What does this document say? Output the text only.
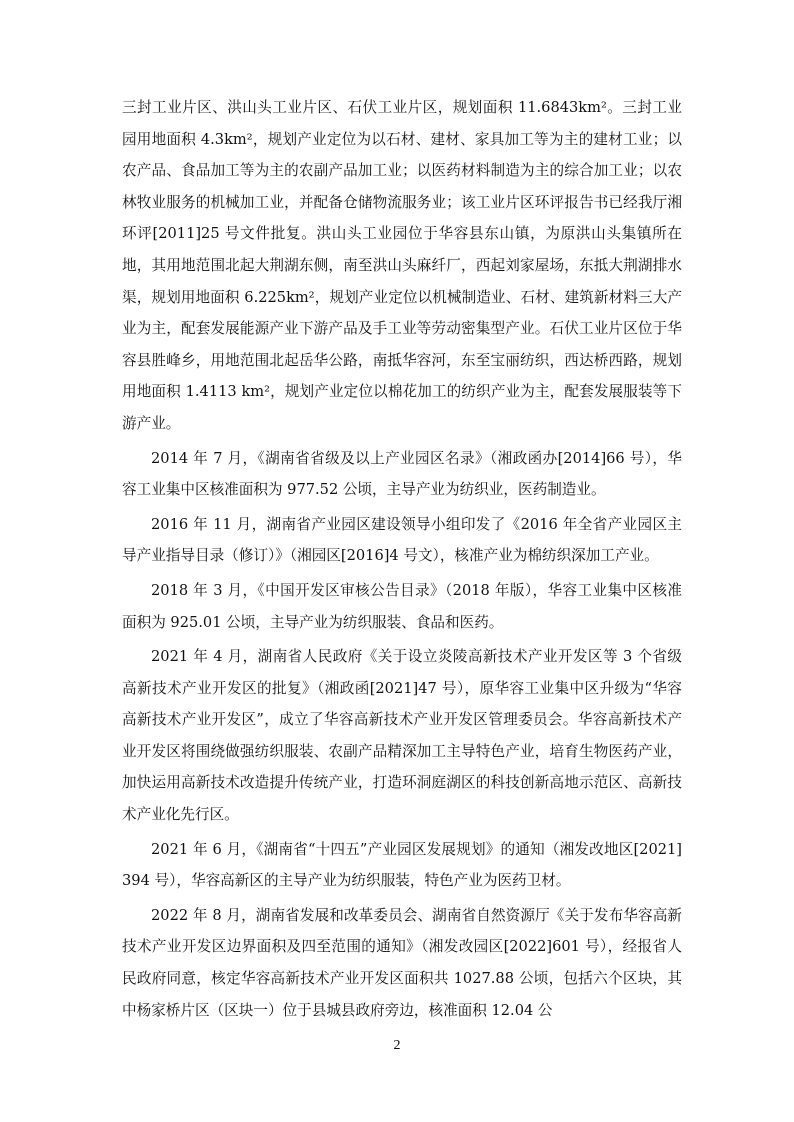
三封工业片区、洪山头工业片区、石伏工业片区，规划面积 11.6843km²。三封工业园用地面积 4.3km²，规划产业定位为以石材、建材、家具加工等为主的建材工业；以农产品、食品加工等为主的农副产品加工业；以医药材料制造为主的综合加工业；以农林牧业服务的机械加工业，并配备仓储物流服务业；该工业片区环评报告书已经我厅湘环评[2011]25 号文件批复。洪山头工业园位于华容县东山镇，为原洪山头集镇所在地，其用地范围北起大荆湖东侧，南至洪山头麻纤厂，西起刘家屋场，东抵大荆湖排水渠，规划用地面积 6.225km²，规划产业定位以机械制造业、石材、建筑新材料三大产业为主，配套发展能源产业下游产品及手工业等劳动密集型产业。石伏工业片区位于华容县胜峰乡，用地范围北起岳华公路，南抵华容河，东至宝丽纺织，西达桥西路，规划用地面积 1.4113 km²，规划产业定位以棉花加工的纺织产业为主，配套发展服装等下游产业。

2014 年 7 月，《湖南省省级及以上产业园区名录》（湘政函办[2014]66 号），华容工业集中区核准面积为 977.52 公顷，主导产业为纺织业，医药制造业。

2016 年 11 月，湖南省产业园区建设领导小组印发了《2016 年全省产业园区主导产业指导目录（修订）》（湘园区[2016]4 号文），核准产业为棉纺织深加工产业。

2018 年 3 月，《中国开发区审核公告目录》（2018 年版），华容工业集中区核准面积为 925.01 公顷，主导产业为纺织服装、食品和医药。

2021 年 4 月，湖南省人民政府《关于设立炎陵高新技术产业开发区等 3 个省级高新技术产业开发区的批复》（湘政函[2021]47 号），原华容工业集中区升级为“华容高新技术产业开发区”，成立了华容高新技术产业开发区管理委员会。华容高新技术产业开发区将围绕做强纺织服装、农副产品精深加工主导特色产业，培育生物医药产业，加快运用高新技术改造提升传统产业，打造环洞庭湖区的科技创新高地示范区、高新技术产业化先行区。

2021 年 6 月，《湖南省“十四五”产业园区发展规划》的通知（湘发改地区[2021]394 号），华容高新区的主导产业为纺织服装，特色产业为医药卫材。

2022 年 8 月，湖南省发展和改革委员会、湖南省自然资源厅《关于发布华容高新技术产业开发区边界面积及四至范围的通知》（湘发改园区[2022]601 号），经报省人民政府同意，核定华容高新技术产业开发区面积共 1027.88 公顷，包括六个区块，其中杨家桥片区（区块一）位于县城县政府旁边，核准面积 12.04 公

2
